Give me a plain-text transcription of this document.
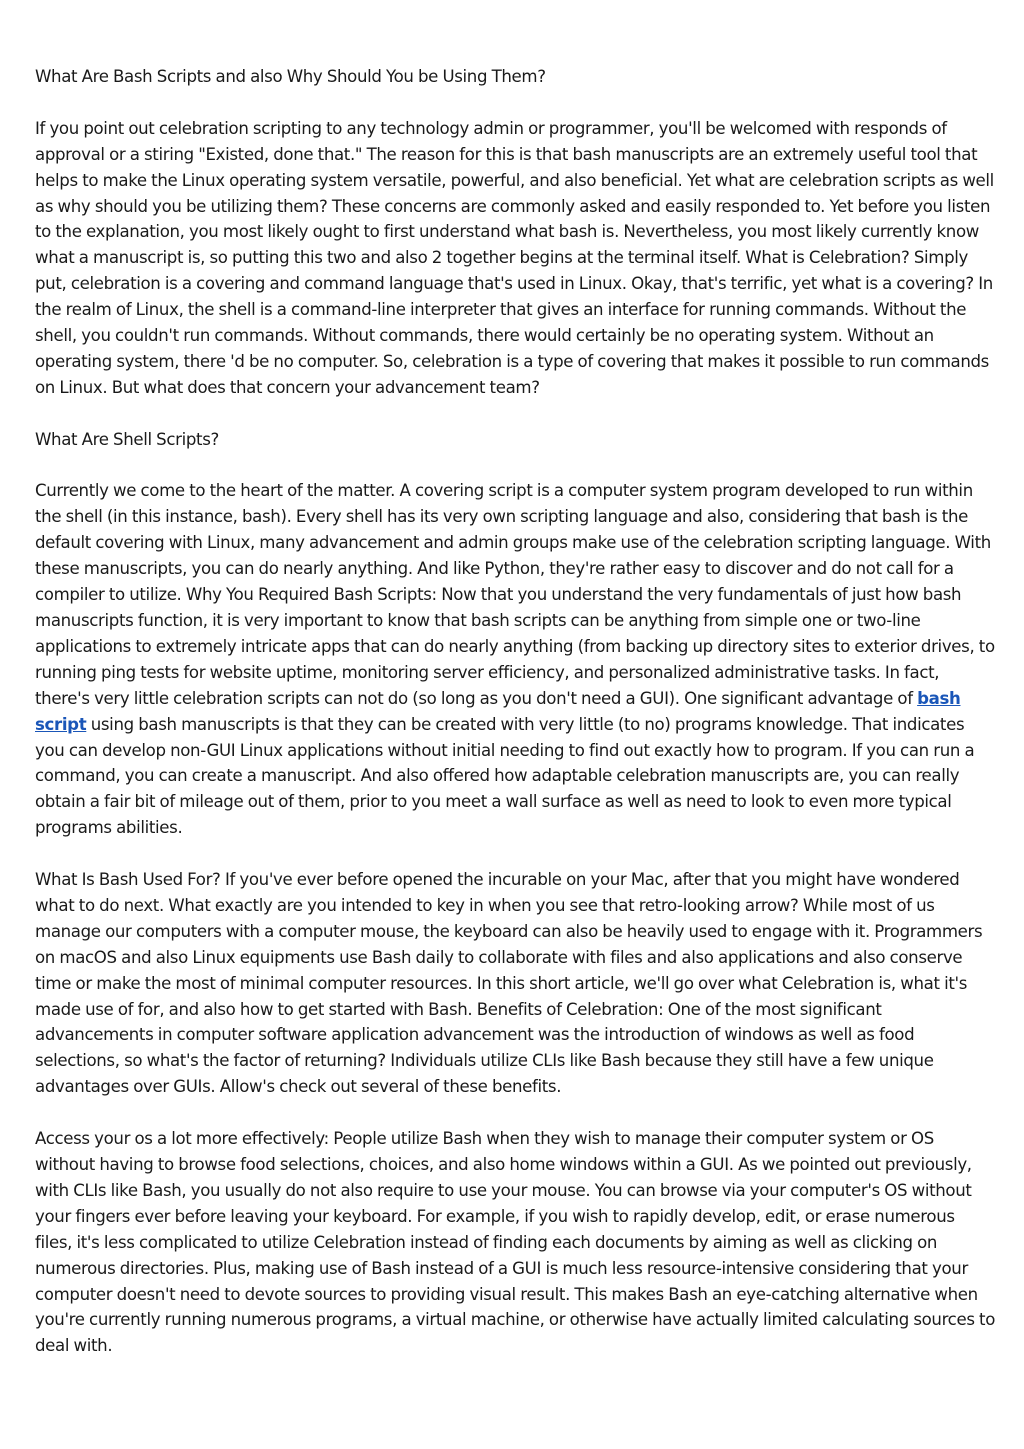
What Are Bash Scripts and also Why Should You be Using Them?

If you point out celebration scripting to any technology admin or programmer, you'll be welcomed with responds of approval or a stiring "Existed, done that." The reason for this is that bash manuscripts are an extremely useful tool that helps to make the Linux operating system versatile, powerful, and also beneficial. Yet what are celebration scripts as well as why should you be utilizing them? These concerns are commonly asked and easily responded to. Yet before you listen to the explanation, you most likely ought to first understand what bash is. Nevertheless, you most likely currently know what a manuscript is, so putting this two and also 2 together begins at the terminal itself. What is Celebration? Simply put, celebration is a covering and command language that's used in Linux. Okay, that's terrific, yet what is a covering? In the realm of Linux, the shell is a command-line interpreter that gives an interface for running commands. Without the shell, you couldn't run commands. Without commands, there would certainly be no operating system. Without an operating system, there 'd be no computer. So, celebration is a type of covering that makes it possible to run commands on Linux. But what does that concern your advancement team?

What Are Shell Scripts?

Currently we come to the heart of the matter. A covering script is a computer system program developed to run within the shell (in this instance, bash). Every shell has its very own scripting language and also, considering that bash is the default covering with Linux, many advancement and admin groups make use of the celebration scripting language. With these manuscripts, you can do nearly anything. And like Python, they're rather easy to discover and do not call for a compiler to utilize. Why You Required Bash Scripts: Now that you understand the very fundamentals of just how bash manuscripts function, it is very important to know that bash scripts can be anything from simple one or two-line applications to extremely intricate apps that can do nearly anything (from backing up directory sites to exterior drives, to running ping tests for website uptime, monitoring server efficiency, and personalized administrative tasks. In fact, there's very little celebration scripts can not do (so long as you don't need a GUI). One significant advantage of bash script using bash manuscripts is that they can be created with very little (to no) programs knowledge. That indicates you can develop non-GUI Linux applications without initial needing to find out exactly how to program. If you can run a command, you can create a manuscript. And also offered how adaptable celebration manuscripts are, you can really obtain a fair bit of mileage out of them, prior to you meet a wall surface as well as need to look to even more typical programs abilities.

What Is Bash Used For? If you've ever before opened the incurable on your Mac, after that you might have wondered what to do next. What exactly are you intended to key in when you see that retro-looking arrow? While most of us manage our computers with a computer mouse, the keyboard can also be heavily used to engage with it. Programmers on macOS and also Linux equipments use Bash daily to collaborate with files and also applications and also conserve time or make the most of minimal computer resources. In this short article, we'll go over what Celebration is, what it's made use of for, and also how to get started with Bash. Benefits of Celebration: One of the most significant advancements in computer software application advancement was the introduction of windows as well as food selections, so what's the factor of returning? Individuals utilize CLIs like Bash because they still have a few unique advantages over GUIs. Allow's check out several of these benefits.

Access your os a lot more effectively: People utilize Bash when they wish to manage their computer system or OS without having to browse food selections, choices, and also home windows within a GUI. As we pointed out previously, with CLIs like Bash, you usually do not also require to use your mouse. You can browse via your computer's OS without your fingers ever before leaving your keyboard. For example, if you wish to rapidly develop, edit, or erase numerous files, it's less complicated to utilize Celebration instead of finding each documents by aiming as well as clicking on numerous directories. Plus, making use of Bash instead of a GUI is much less resource-intensive considering that your computer doesn't need to devote sources to providing visual result. This makes Bash an eye-catching alternative when you're currently running numerous programs, a virtual machine, or otherwise have actually limited calculating sources to deal with.
